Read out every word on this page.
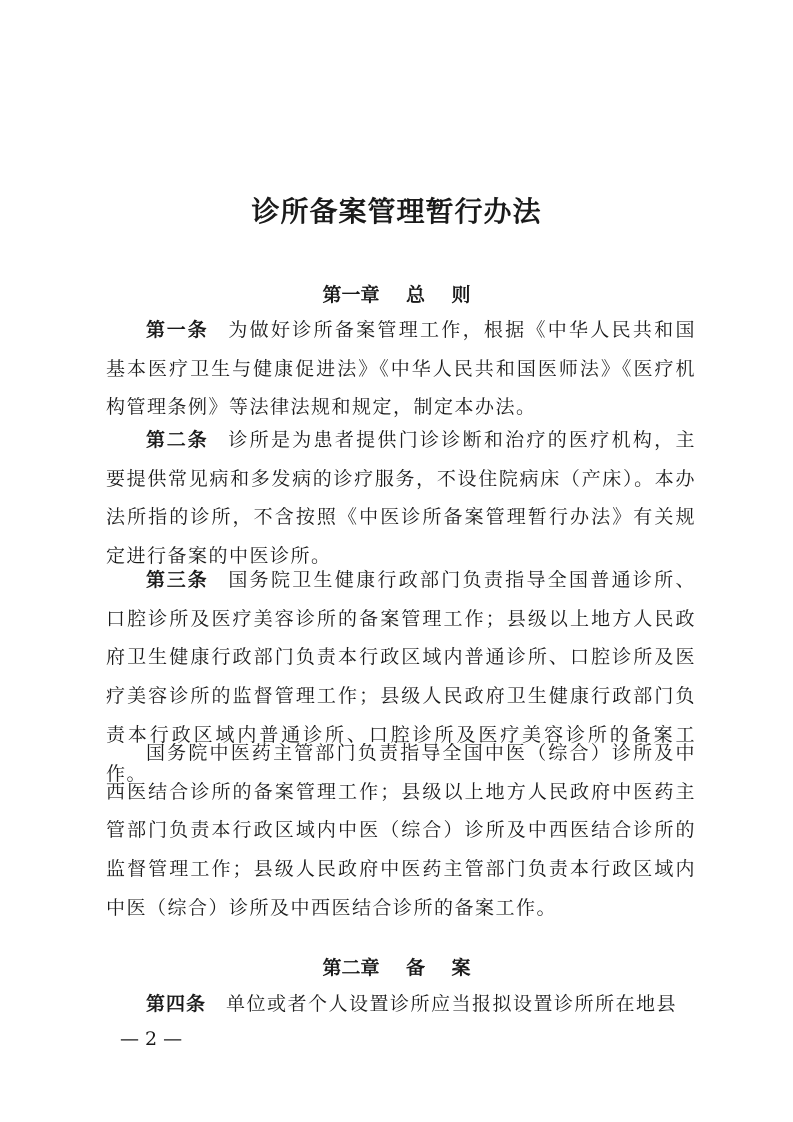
诊所备案管理暂行办法
第一章    总    则

第一条 为做好诊所备案管理工作，根据《中华人民共和国基本医疗卫生与健康促进法》《中华人民共和国医师法》《医疗机构管理条例》等法律法规和规定，制定本办法。

第二条 诊所是为患者提供门诊诊断和治疗的医疗机构，主要提供常见病和多发病的诊疗服务，不设住院病床（产床）。本办法所指的诊所，不含按照《中医诊所备案管理暂行办法》有关规定进行备案的中医诊所。

第三条 国务院卫生健康行政部门负责指导全国普通诊所、口腔诊所及医疗美容诊所的备案管理工作；县级以上地方人民政府卫生健康行政部门负责本行政区域内普通诊所、口腔诊所及医疗美容诊所的监督管理工作；县级人民政府卫生健康行政部门负责本行政区域内普通诊所、口腔诊所及医疗美容诊所的备案工作。

国务院中医药主管部门负责指导全国中医（综合）诊所及中西医结合诊所的备案管理工作；县级以上地方人民政府中医药主管部门负责本行政区域内中医（综合）诊所及中西医结合诊所的监督管理工作；县级人民政府中医药主管部门负责本行政区域内中医（综合）诊所及中西医结合诊所的备案工作。

第二章    备    案

第四条 单位或者个人设置诊所应当报拟设置诊所所在地县

— 2 —
